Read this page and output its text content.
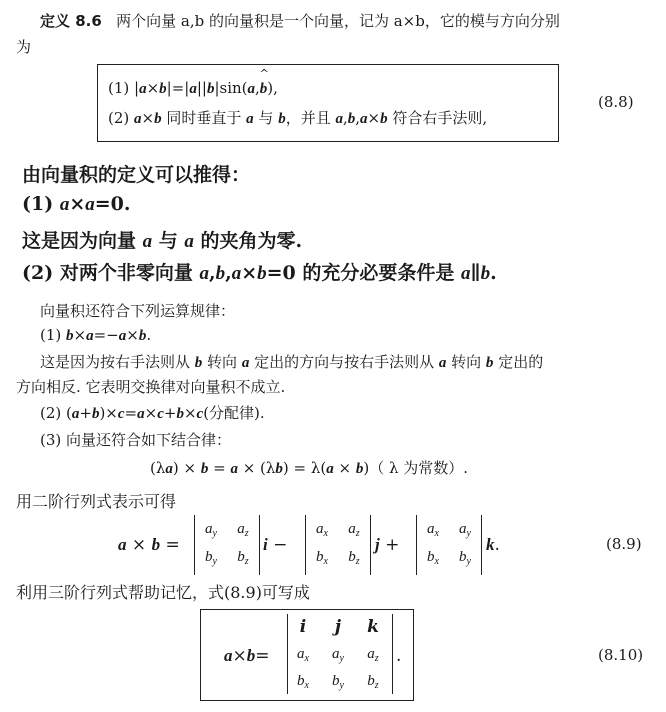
定义 8.6 两个向量 a,b 的向量积是一个向量，记为 a×b，它的模与方向分别
为
(1) |a×b|=|a||b|sin(
^
a,b),
(2) a×b 同时垂直于 a 与 b，并且 a,b,a×b 符合右手法则,
(8.8)
由向量积的定义可以推得：
(1) a×a=0.
这是因为向量 a 与 a 的夹角为零.
(2) 对两个非零向量 a,b,a×b=0 的充分必要条件是 a∥b.
向量积还符合下列运算规律：
(1) b×a=−a×b.
这是因为按右手法则从 b 转向 a 定出的方向与按右手法则从 a 转向 b 定出的
方向相反. 它表明交换律对向量积不成立.
(2) (a+b)×c=a×c+b×c(分配律).
(3) 向量还符合如下结合律：
(λa) × b = a × (λb) = λ(a × b)（ λ 为常数）.
用二阶行列式表示可得
a × b =
$a_y$	$a_z$
$b_y$	$b_z$
i −
$a_x$	$a_z$
$b_x$	$b_z$
j +
$a_x$	$a_y$
$b_x$	$b_y$
k.	(8.9)
利用三阶行列式帮助记忆，式(8.9)可写成
a×b=
i	j	k
$a_x$	$a_y$	$a_z$
$b_x$	$b_y$	$b_z$
.	(8.10)
